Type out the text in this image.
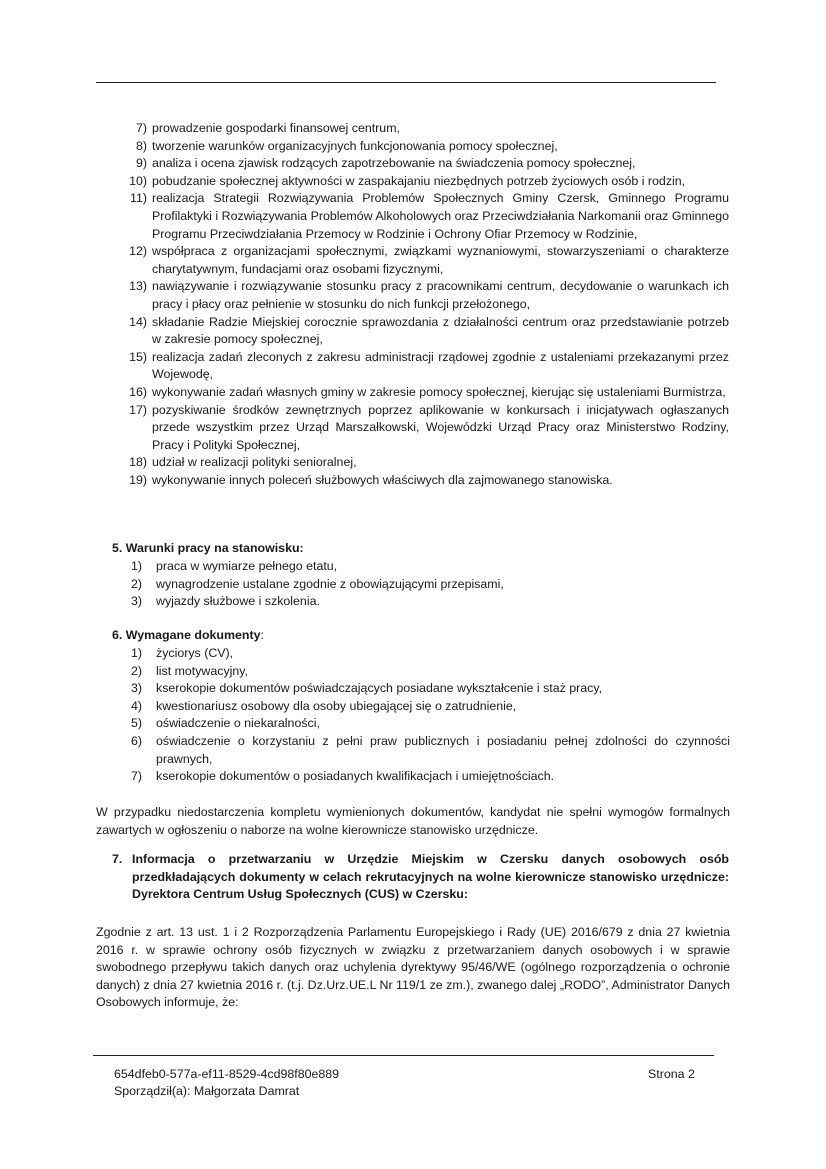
7) prowadzenie gospodarki finansowej centrum,
8) tworzenie warunków organizacyjnych funkcjonowania pomocy społecznej,
9) analiza i ocena zjawisk rodzących zapotrzebowanie na świadczenia pomocy społecznej,
10) pobudzanie społecznej aktywności w zaspakajaniu niezbędnych potrzeb życiowych osób i rodzin,
11) realizacja Strategii Rozwiązywania Problemów Społecznych Gminy Czersk, Gminnego Programu Profilaktyki i Rozwiązywania Problemów Alkoholowych oraz Przeciwdziałania Narkomanii oraz Gminnego Programu Przeciwdziałania Przemocy w Rodzinie i Ochrony Ofiar Przemocy w Rodzinie,
12) współpraca z organizacjami społecznymi, związkami wyznaniowymi, stowarzyszeniami o charakterze charytatywnym, fundacjami oraz osobami fizycznymi,
13) nawiązywanie i rozwiązywanie stosunku pracy z pracownikami centrum, decydowanie o warunkach ich pracy i płacy oraz pełnienie w stosunku do nich funkcji przełożonego,
14) składanie Radzie Miejskiej corocznie sprawozdania z działalności centrum oraz przedstawianie potrzeb w zakresie pomocy społecznej,
15) realizacja zadań zleconych z zakresu administracji rządowej zgodnie z ustaleniami przekazanymi przez Wojewodę,
16) wykonywanie zadań własnych gminy w zakresie pomocy społecznej, kierując się ustaleniami Burmistrza,
17) pozyskiwanie środków zewnętrznych poprzez aplikowanie w konkursach i inicjatywach ogłaszanych przede wszystkim przez Urząd Marszałkowski, Wojewódzki Urząd Pracy oraz Ministerstwo Rodziny, Pracy i Polityki Społecznej,
18) udział w realizacji polityki senioralnej,
19) wykonywanie innych poleceń służbowych właściwych dla zajmowanego stanowiska.
5. Warunki pracy na stanowisku:
1) praca w wymiarze pełnego etatu,
2) wynagrodzenie ustalane zgodnie z obowiązującymi przepisami,
3) wyjazdy służbowe i szkolenia.
6. Wymagane dokumenty:
1) życiorys (CV),
2) list motywacyjny,
3) kserokopie dokumentów poświadczających posiadane wykształcenie i staż pracy,
4) kwestionariusz osobowy dla osoby ubiegającej się o zatrudnienie,
5) oświadczenie o niekaralności,
6) oświadczenie o korzystaniu z pełni praw publicznych i posiadaniu pełnej zdolności do czynności prawnych,
7) kserokopie dokumentów o posiadanych kwalifikacjach i umiejętnościach.
W przypadku niedostarczenia kompletu wymienionych dokumentów, kandydat nie spełni wymogów formalnych zawartych w ogłoszeniu o naborze na wolne kierownicze stanowisko urzędnicze.
7. Informacja o przetwarzaniu w Urzędzie Miejskim w Czersku danych osobowych osób przedkładających dokumenty w celach rekrutacyjnych na wolne kierownicze stanowisko urzędnicze: Dyrektora Centrum Usług Społecznych (CUS) w Czersku:
Zgodnie z art. 13 ust. 1 i 2 Rozporządzenia Parlamentu Europejskiego i Rady (UE) 2016/679 z dnia 27 kwietnia 2016 r. w sprawie ochrony osób fizycznych w związku z przetwarzaniem danych osobowych i w sprawie swobodnego przepływu takich danych oraz uchylenia dyrektywy 95/46/WE (ogólnego rozporządzenia o ochronie danych) z dnia 27 kwietnia 2016 r. (t.j. Dz.Urz.UE.L Nr 119/1 ze zm.), zwanego dalej „RODO”, Administrator Danych Osobowych informuje, że:
654dfeb0-577a-ef11-8529-4cd98f80e889
Sporządził(a): Małgorzata Damrat
Strona 2
